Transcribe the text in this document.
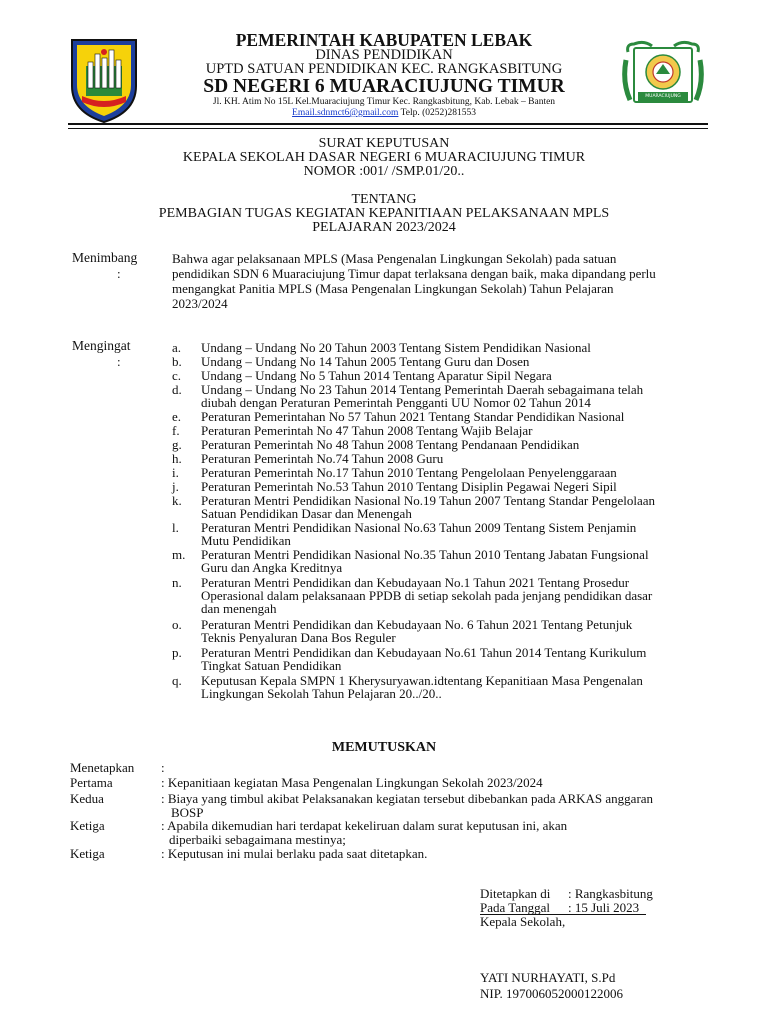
MUARACIUJUNG
PEMERINTAH KABUPATEN LEBAK
DINAS PENDIDIKAN
UPTD SATUAN PENDIDIKAN KEC. RANGKASBITUNG
SD NEGERI 6 MUARACIUJUNG TIMUR
Jl. KH. Atim No 15L Kel.Muaraciujung Timur Kec. Rangkasbitung, Kab. Lebak – Banten
Email.sdnmct6@gmail.com Telp. (0252)281553
SURAT KEPUTUSAN
KEPALA SEKOLAH DASAR NEGERI 6 MUARACIUJUNG TIMUR
NOMOR :001/ /SMP.01/20..
TENTANG
PEMBAGIAN TUGAS KEGIATAN KEPANITIAAN PELAKSANAAN MPLS
PELAJARAN 2023/2024
Menimbang
:
Bahwa agar pelaksanaan MPLS (Masa Pengenalan Lingkungan Sekolah) pada satuan
pendidikan SDN 6 Muaraciujung Timur dapat terlaksana dengan baik, maka dipandang perlu
mengangkat Panitia MPLS (Masa Pengenalan Lingkungan Sekolah) Tahun Pelajaran
2023/2024
Mengingat
:
a.	Undang – Undang No 20 Tahun 2003 Tentang Sistem Pendidikan Nasional
b.	Undang – Undang No 14 Tahun 2005 Tentang Guru dan Dosen
c.	Undang – Undang No 5 Tahun 2014 Tentang Aparatur Sipil Negara
d.	Undang – Undang No 23 Tahun 2014 Tentang Pemerintah Daerah sebagaimana telah
diubah dengan Peraturan Pemerintah Pengganti UU Nomor 02 Tahun 2014
e.	Peraturan Pemerintahan No 57 Tahun 2021 Tentang Standar Pendidikan Nasional
f.	Peraturan Pemerintah No 47 Tahun 2008 Tentang Wajib Belajar
g.	Peraturan Pemerintah No 48 Tahun 2008 Tentang Pendanaan Pendidikan
h.	Peraturan Pemerintah No.74 Tahun 2008 Guru
i.	Peraturan Pemerintah No.17 Tahun 2010 Tentang Pengelolaan Penyelenggaraan
j.	Peraturan Pemerintah No.53 Tahun 2010 Tentang Disiplin Pegawai Negeri Sipil
k.	Peraturan Mentri Pendidikan Nasional No.19 Tahun 2007 Tentang Standar Pengelolaan
Satuan Pendidikan Dasar dan Menengah
l.	Peraturan Mentri Pendidikan Nasional No.63 Tahun 2009 Tentang Sistem Penjamin
Mutu Pendidikan
m.	Peraturan Mentri Pendidikan Nasional No.35 Tahun 2010 Tentang Jabatan Fungsional
Guru dan Angka Kreditnya
n.	Peraturan Mentri Pendidikan dan Kebudayaan No.1 Tahun 2021 Tentang Prosedur
Operasional dalam pelaksanaan PPDB di setiap sekolah pada jenjang pendidikan dasar
dan menengah
o.	Peraturan Mentri Pendidikan dan Kebudayaan No. 6 Tahun 2021 Tentang Petunjuk
Teknis Penyaluran Dana Bos Reguler
p.	Peraturan Mentri Pendidikan dan Kebudayaan No.61 Tahun 2014 Tentang Kurikulum
Tingkat Satuan Pendidikan
q.	Keputusan Kepala SMPN 1 Kherysuryawan.idtentang Kepanitiaan Masa Pengenalan
Lingkungan Sekolah Tahun Pelajaran 20../20..
MEMUTUSKAN
Menetapkan :
Pertama	: Kepanitiaan kegiatan Masa Pengenalan Lingkungan Sekolah 2023/2024
Kedua	: Biaya yang timbul akibat Pelaksanakan kegiatan tersebut dibebankan pada ARKAS anggaran
BOSP
Ketiga	: Apabila dikemudian hari terdapat kekeliruan dalam surat keputusan ini, akan
diperbaiki sebagaimana mestinya;
Ketiga	: Keputusan ini mulai berlaku pada saat ditetapkan.
Ditetapkan di : Rangkasbitung
Pada Tanggal : 15 Juli 2023
Kepala Sekolah,
YATI NURHAYATI, S.Pd
NIP. 197006052000122006
